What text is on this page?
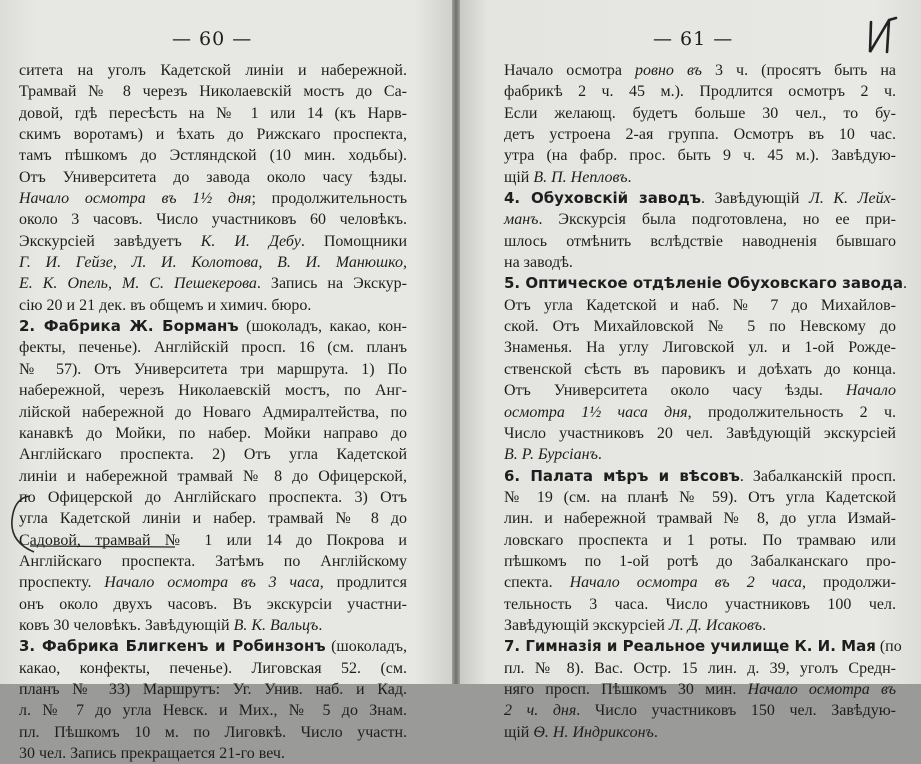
— 60 —
ситета на уголъ Кадетской линіи и набережной.
Трамвай № 8 черезъ Николаевскій мостъ до Са-
довой, гдѣ пересѣсть на № 1 или 14 (къ Нарв-
скимъ воротамъ) и ѣхать до Рижскаго проспекта,
тамъ пѣшкомъ до Эстляндской (10 мин. ходьбы).
Отъ Университета до завода около часу ѣзды.
Начало осмотра въ 1½ дня; продолжительность
около 3 часовъ. Число участниковъ 60 человѣкъ.
Экскурсіей завѣдуетъ К. И. Дебу. Помощники
Г. И. Гейзе, Л. И. Колотова, В. И. Манюшко,
Е. К. Опель, М. С. Пешекерова. Запись на Экскур-
сію 20 и 21 дек. въ общемъ и химич. бюро.
2. Фабрика Ж. Борманъ (шоколадъ, какао, кон-
фекты, печенье). Англійскій просп. 16 (см. планъ
№ 57). Отъ Университета три маршрута. 1) По
набережной, черезъ Николаевскій мостъ, по Анг-
лійской набережной до Новаго Адмиралтейства, по
канавкѣ до Мойки, по набер. Мойки направо до
Англійскаго проспекта. 2) Отъ угла Кадетской
линіи и набережной трамвай № 8 до Офицерской,
по Офицерской до Англійскаго проспекта. 3) Отъ
угла Кадетской линіи и набер. трамвай № 8 до
Садовой, трамвай № 1 или 14 до Покрова и
Англійскаго проспекта. Затѣмъ по Англійскому
проспекту. Начало осмотра въ 3 часа, продлится
онъ около двухъ часовъ. Въ экскурсіи участни-
ковъ 30 человѣкъ. Завѣдующій В. К. Вальцъ.
3. Фабрика Блигкенъ и Робинзонъ (шоколадъ,
какао, конфекты, печенье). Лиговская 52. (см.
планъ № 33) Маршрутъ: Уг. Унив. наб. и Кад.
л. № 7 до угла Невск. и Мих., № 5 до Знам.
пл. Пѣшкомъ 10 м. по Лиговкѣ. Число участн.
30 чел. Запись прекращается 21-го веч.
— 61 —
Начало осмотра ровно въ 3 ч. (просятъ быть на
фабрикѣ 2 ч. 45 м.). Продлится осмотръ 2 ч.
Если желающ. будетъ больше 30 чел., то бу-
детъ устроена 2-ая группа. Осмотръ въ 10 час.
утра (на фабр. прос. быть 9 ч. 45 м.). Завѣдую-
щій В. П. Непловъ.
4. Обуховскій заводъ. Завѣдующій Л. К. Лейх-
манъ. Экскурсія была подготовлена, но ее при-
шлось отмѣнить вслѣдствіе наводненія бывшаго
на заводѣ.
5. Оптическое отдѣленіе Обуховскаго завода.
Отъ угла Кадетской и наб. № 7 до Михайлов-
ской. Отъ Михайловской № 5 по Невскому до
Знаменья. На углу Лиговской ул. и 1-ой Рожде-
ственской сѣсть въ паровикъ и доѣхать до конца.
Отъ Университета около часу ѣзды. Начало
осмотра 1½ часа дня, продолжительность 2 ч.
Число участниковъ 20 чел. Завѣдующій экскурсіей
В. Р. Бурсіанъ.
6. Палата мѣръ и вѣсовъ. Забалканскій просп.
№ 19 (см. на планѣ № 59). Отъ угла Кадетской
лин. и набережной трамвай № 8, до угла Измай-
ловскаго проспекта и 1 роты. По трамваю или
пѣшкомъ по 1-ой ротѣ до Забалканскаго про-
спекта. Начало осмотра въ 2 часа, продолжи-
тельность 3 часа. Число участниковъ 100 чел.
Завѣдующій экскурсіей Л. Д. Исаковъ.
7. Гимназія и Реальное училище К. И. Мая (по
пл. № 8). Вас. Остр. 15 лин. д. 39, уголъ Средн-
няго просп. Пѣшкомъ 30 мин. Начало осмотра въ
2 ч. дня. Число участниковъ 150 чел. Завѣдую-
щій Ѳ. Н. Индриксонъ.
